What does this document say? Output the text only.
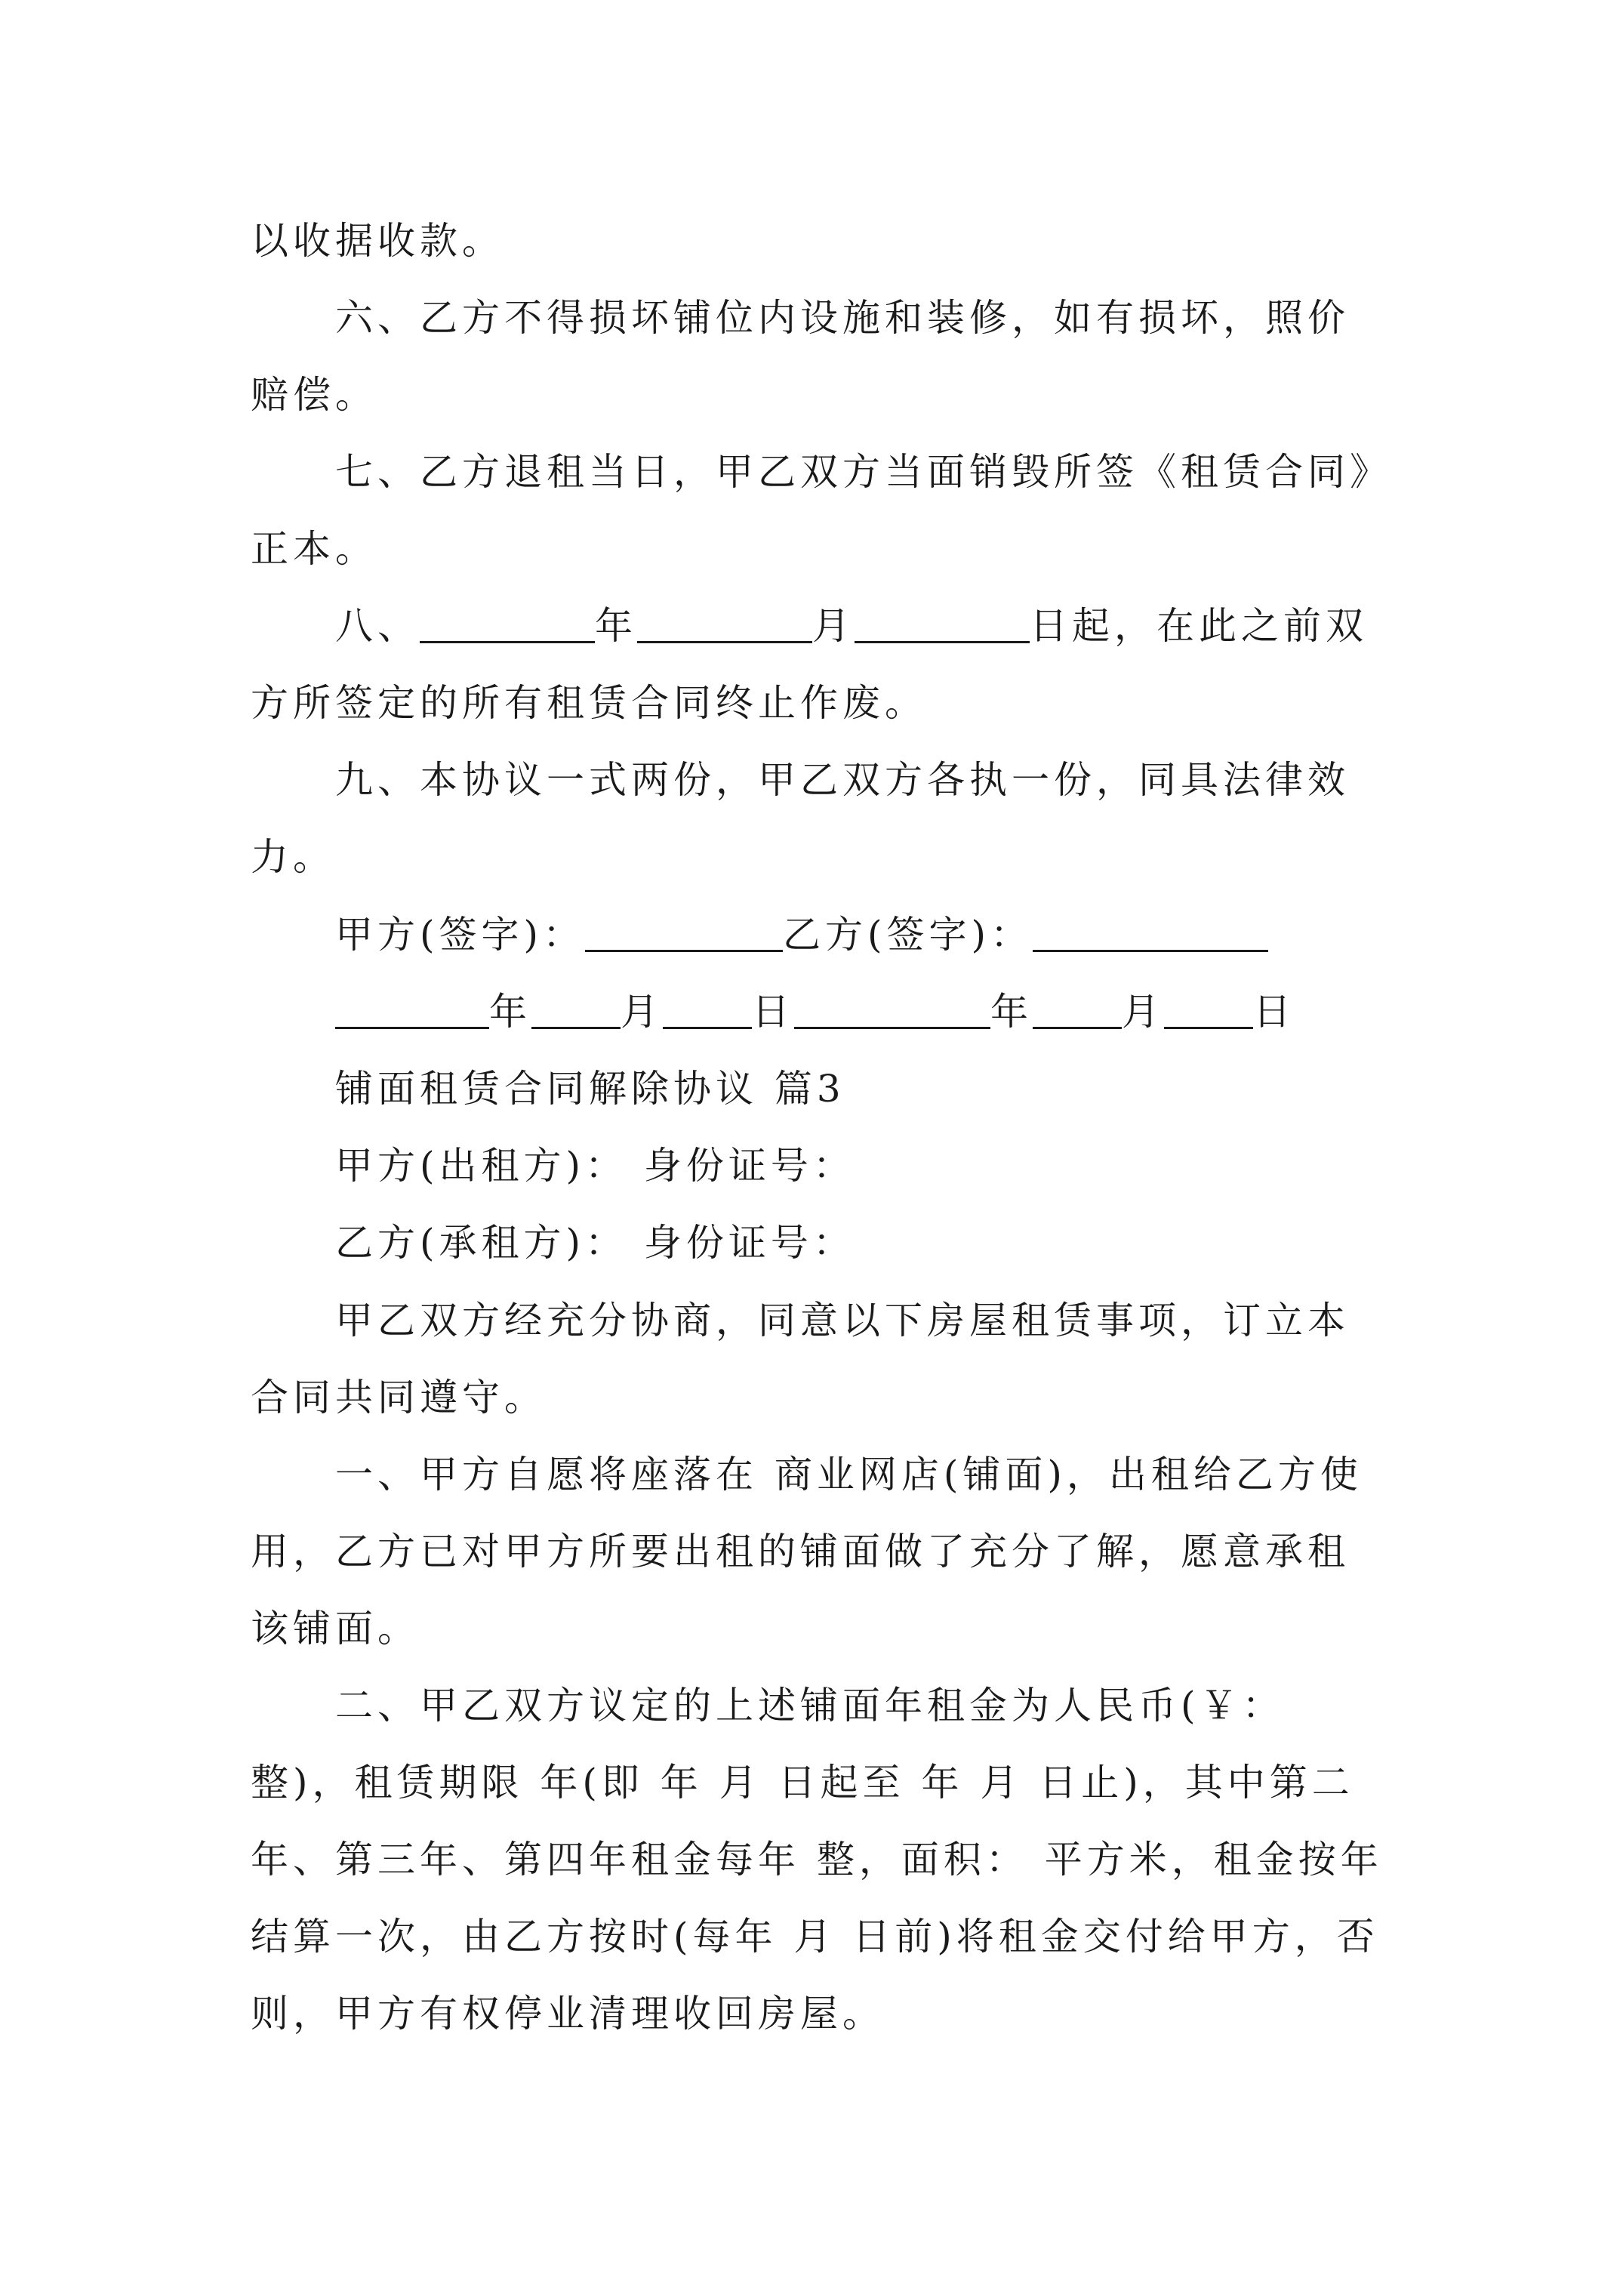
以收据收款。
六、乙方不得损坏铺位内设施和装修，如有损坏，照价赔偿。
七、乙方退租当日，甲乙双方当面销毁所签《租赁合同》正本。
八、	年	月	日起，在此之前双方所签定的所有租赁合同终止作废。
九、本协议一式两份，甲乙双方各执一份，同具法律效力。
甲方(签字)：	乙方(签字)：
年 月 日	年 月 日
铺面租赁合同解除协议 篇3
甲方(出租方)： 身份证号：
乙方(承租方)： 身份证号：
甲乙双方经充分协商，同意以下房屋租赁事项，订立本合同共同遵守。
一、甲方自愿将座落在 商业网店(铺面)，出租给乙方使用，乙方已对甲方所要出租的铺面做了充分了解，愿意承租该铺面。
二、甲乙双方议定的上述铺面年租金为人民币(￥： 整)，租赁期限 年(即 年 月 日起至 年 月 日止)，其中第二年、第三年、第四年租金每年 整，面积： 平方米，租金按年结算一次，由乙方按时(每年 月 日前)将租金交付给甲方，否则，甲方有权停业清理收回房屋。
